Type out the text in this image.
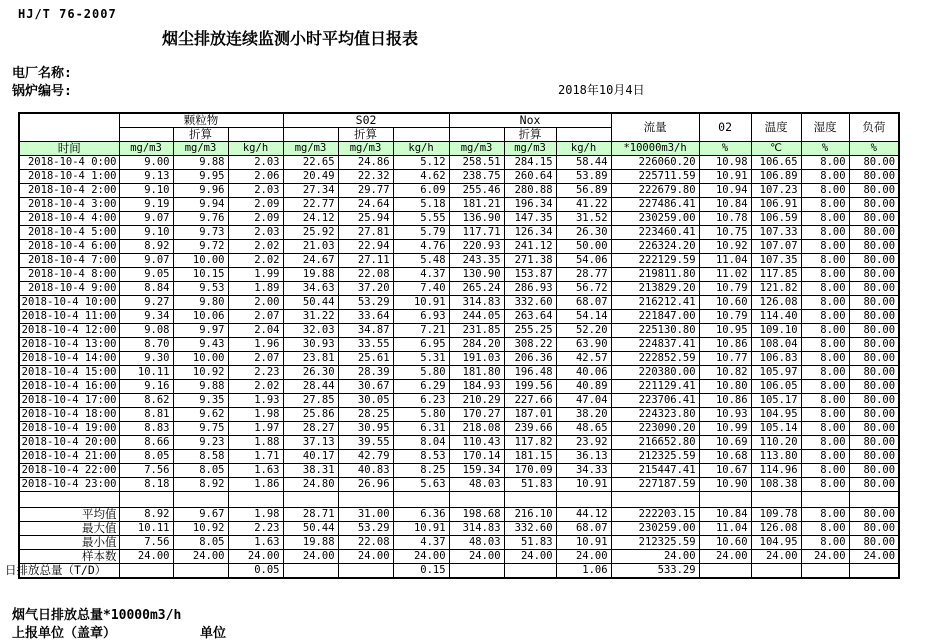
HJ/T 76-2007
烟尘排放连续监测小时平均值日报表
电厂名称:
锅炉编号:	2018年10月4日
	颗粒物			S02			Nox			流量	02	温度	湿度	负荷
		折算			折算			折算						
时间	mg/m3	mg/m3	kg/h	mg/m3	mg/m3	kg/h	mg/m3	mg/m3	kg/h	*10000m3/h	%	℃	%	%
2018-10-4 0:00	9.00	9.88	2.03	22.65	24.86	5.12	258.51	284.15	58.44	226060.20	10.98	106.65	8.00	80.00
2018-10-4 1:00	9.13	9.95	2.06	20.49	22.32	4.62	238.75	260.64	53.89	225711.59	10.91	106.89	8.00	80.00
2018-10-4 2:00	9.10	9.96	2.03	27.34	29.77	6.09	255.46	280.88	56.89	222679.80	10.94	107.23	8.00	80.00
2018-10-4 3:00	9.19	9.94	2.09	22.77	24.64	5.18	181.21	196.34	41.22	227486.41	10.84	106.91	8.00	80.00
2018-10-4 4:00	9.07	9.76	2.09	24.12	25.94	5.55	136.90	147.35	31.52	230259.00	10.78	106.59	8.00	80.00
2018-10-4 5:00	9.10	9.73	2.03	25.92	27.81	5.79	117.71	126.34	26.30	223460.41	10.75	107.33	8.00	80.00
2018-10-4 6:00	8.92	9.72	2.02	21.03	22.94	4.76	220.93	241.12	50.00	226324.20	10.92	107.07	8.00	80.00
2018-10-4 7:00	9.07	10.00	2.02	24.67	27.11	5.48	243.35	271.38	54.06	222129.59	11.04	107.35	8.00	80.00
2018-10-4 8:00	9.05	10.15	1.99	19.88	22.08	4.37	130.90	153.87	28.77	219811.80	11.02	117.85	8.00	80.00
2018-10-4 9:00	8.84	9.53	1.89	34.63	37.20	7.40	265.24	286.93	56.72	213829.20	10.79	121.82	8.00	80.00
2018-10-4 10:00	9.27	9.80	2.00	50.44	53.29	10.91	314.83	332.60	68.07	216212.41	10.60	126.08	8.00	80.00
2018-10-4 11:00	9.34	10.06	2.07	31.22	33.64	6.93	244.05	263.64	54.14	221847.00	10.79	114.40	8.00	80.00
2018-10-4 12:00	9.08	9.97	2.04	32.03	34.87	7.21	231.85	255.25	52.20	225130.80	10.95	109.10	8.00	80.00
2018-10-4 13:00	8.70	9.43	1.96	30.93	33.55	6.95	284.20	308.22	63.90	224837.41	10.86	108.04	8.00	80.00
2018-10-4 14:00	9.30	10.00	2.07	23.81	25.61	5.31	191.03	206.36	42.57	222852.59	10.77	106.83	8.00	80.00
2018-10-4 15:00	10.11	10.92	2.23	26.30	28.39	5.80	181.80	196.48	40.06	220380.00	10.82	105.97	8.00	80.00
2018-10-4 16:00	9.16	9.88	2.02	28.44	30.67	6.29	184.93	199.56	40.89	221129.41	10.80	106.05	8.00	80.00
2018-10-4 17:00	8.62	9.35	1.93	27.85	30.05	6.23	210.29	227.66	47.04	223706.41	10.86	105.17	8.00	80.00
2018-10-4 18:00	8.81	9.62	1.98	25.86	28.25	5.80	170.27	187.01	38.20	224323.80	10.93	104.95	8.00	80.00
2018-10-4 19:00	8.83	9.75	1.97	28.27	30.95	6.31	218.08	239.66	48.65	223090.20	10.99	105.14	8.00	80.00
2018-10-4 20:00	8.66	9.23	1.88	37.13	39.55	8.04	110.43	117.82	23.92	216652.80	10.69	110.20	8.00	80.00
2018-10-4 21:00	8.05	8.58	1.71	40.17	42.79	8.53	170.14	181.15	36.13	212325.59	10.68	113.80	8.00	80.00
2018-10-4 22:00	7.56	8.05	1.63	38.31	40.83	8.25	159.34	170.09	34.33	215447.41	10.67	114.96	8.00	80.00
2018-10-4 23:00	8.18	8.92	1.86	24.80	26.96	5.63	48.03	51.83	10.91	227187.59	10.90	108.38	8.00	80.00

平均值	8.92	9.67	1.98	28.71	31.00	6.36	198.68	216.10	44.12	222203.15	10.84	109.78	8.00	80.00
最大值	10.11	10.92	2.23	50.44	53.29	10.91	314.83	332.60	68.07	230259.00	11.04	126.08	8.00	80.00
最小值	7.56	8.05	1.63	19.88	22.08	4.37	48.03	51.83	10.91	212325.59	10.60	104.95	8.00	80.00
样本数	24.00	24.00	24.00	24.00	24.00	24.00	24.00	24.00	24.00	24.00	24.00	24.00	24.00	24.00
日排放总量（T/D）			0.05			0.15			1.06	533.29				
烟气日排放总量*10000m3/h
上报单位（盖章）	单位
